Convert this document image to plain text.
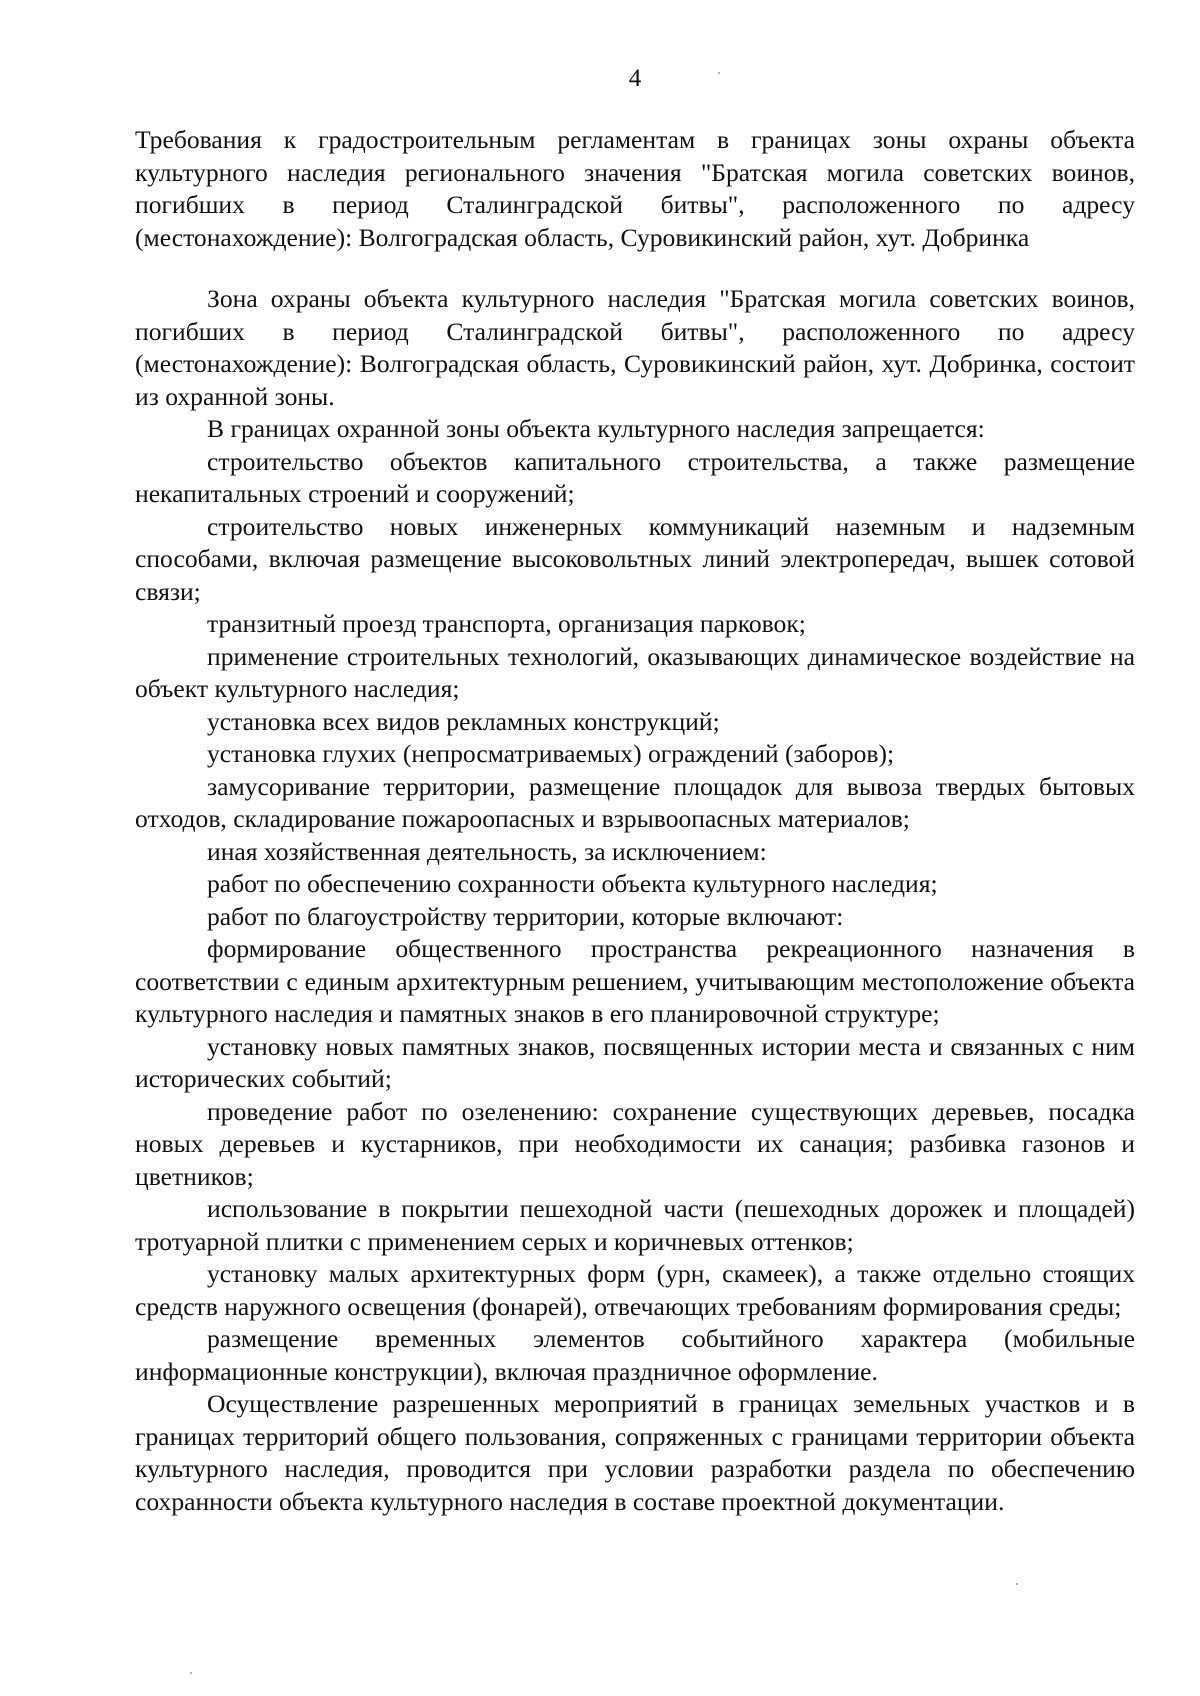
4

Требования к градостроительным регламентам в границах зоны охраны объекта культурного наследия регионального значения "Братская могила советских воинов, погибших в период Сталинградской битвы", расположенного по адресу (местонахождение): Волгоградская область, Суровикинский район, хут. Добринка

Зона охраны объекта культурного наследия "Братская могила советских воинов, погибших в период Сталинградской битвы", расположенного по адресу (местонахождение): Волгоградская область, Суровикинский район, хут. Добринка, состоит из охранной зоны.

В границах охранной зоны объекта культурного наследия запрещается:

строительство объектов капитального строительства, а также размещение некапитальных строений и сооружений;

строительство новых инженерных коммуникаций наземным и надземным способами, включая размещение высоковольтных линий электропередач, вышек сотовой связи;

транзитный проезд транспорта, организация парковок;

применение строительных технологий, оказывающих динамическое воздействие на объект культурного наследия;

установка всех видов рекламных конструкций;

установка глухих (непросматриваемых) ограждений (заборов);

замусоривание территории, размещение площадок для вывоза твердых бытовых отходов, складирование пожароопасных и взрывоопасных материалов;

иная хозяйственная деятельность, за исключением:

работ по обеспечению сохранности объекта культурного наследия;

работ по благоустройству территории, которые включают:

формирование общественного пространства рекреационного назначения в соответствии с единым архитектурным решением, учитывающим местоположение объекта культурного наследия и памятных знаков в его планировочной структуре;

установку новых памятных знаков, посвященных истории места и связанных с ним исторических событий;

проведение работ по озеленению: сохранение существующих деревьев, посадка новых деревьев и кустарников, при необходимости их санация; разбивка газонов и цветников;

использование в покрытии пешеходной части (пешеходных дорожек и площадей) тротуарной плитки с применением серых и коричневых оттенков;

установку малых архитектурных форм (урн, скамеек), а также отдельно стоящих средств наружного освещения (фонарей), отвечающих требованиям формирования среды;

размещение временных элементов событийного характера (мобильные информационные конструкции), включая праздничное оформление.

Осуществление разрешенных мероприятий в границах земельных участков и в границах территорий общего пользования, сопряженных с границами территории объекта культурного наследия, проводится при условии разработки раздела по обеспечению сохранности объекта культурного наследия в составе проектной документации.
